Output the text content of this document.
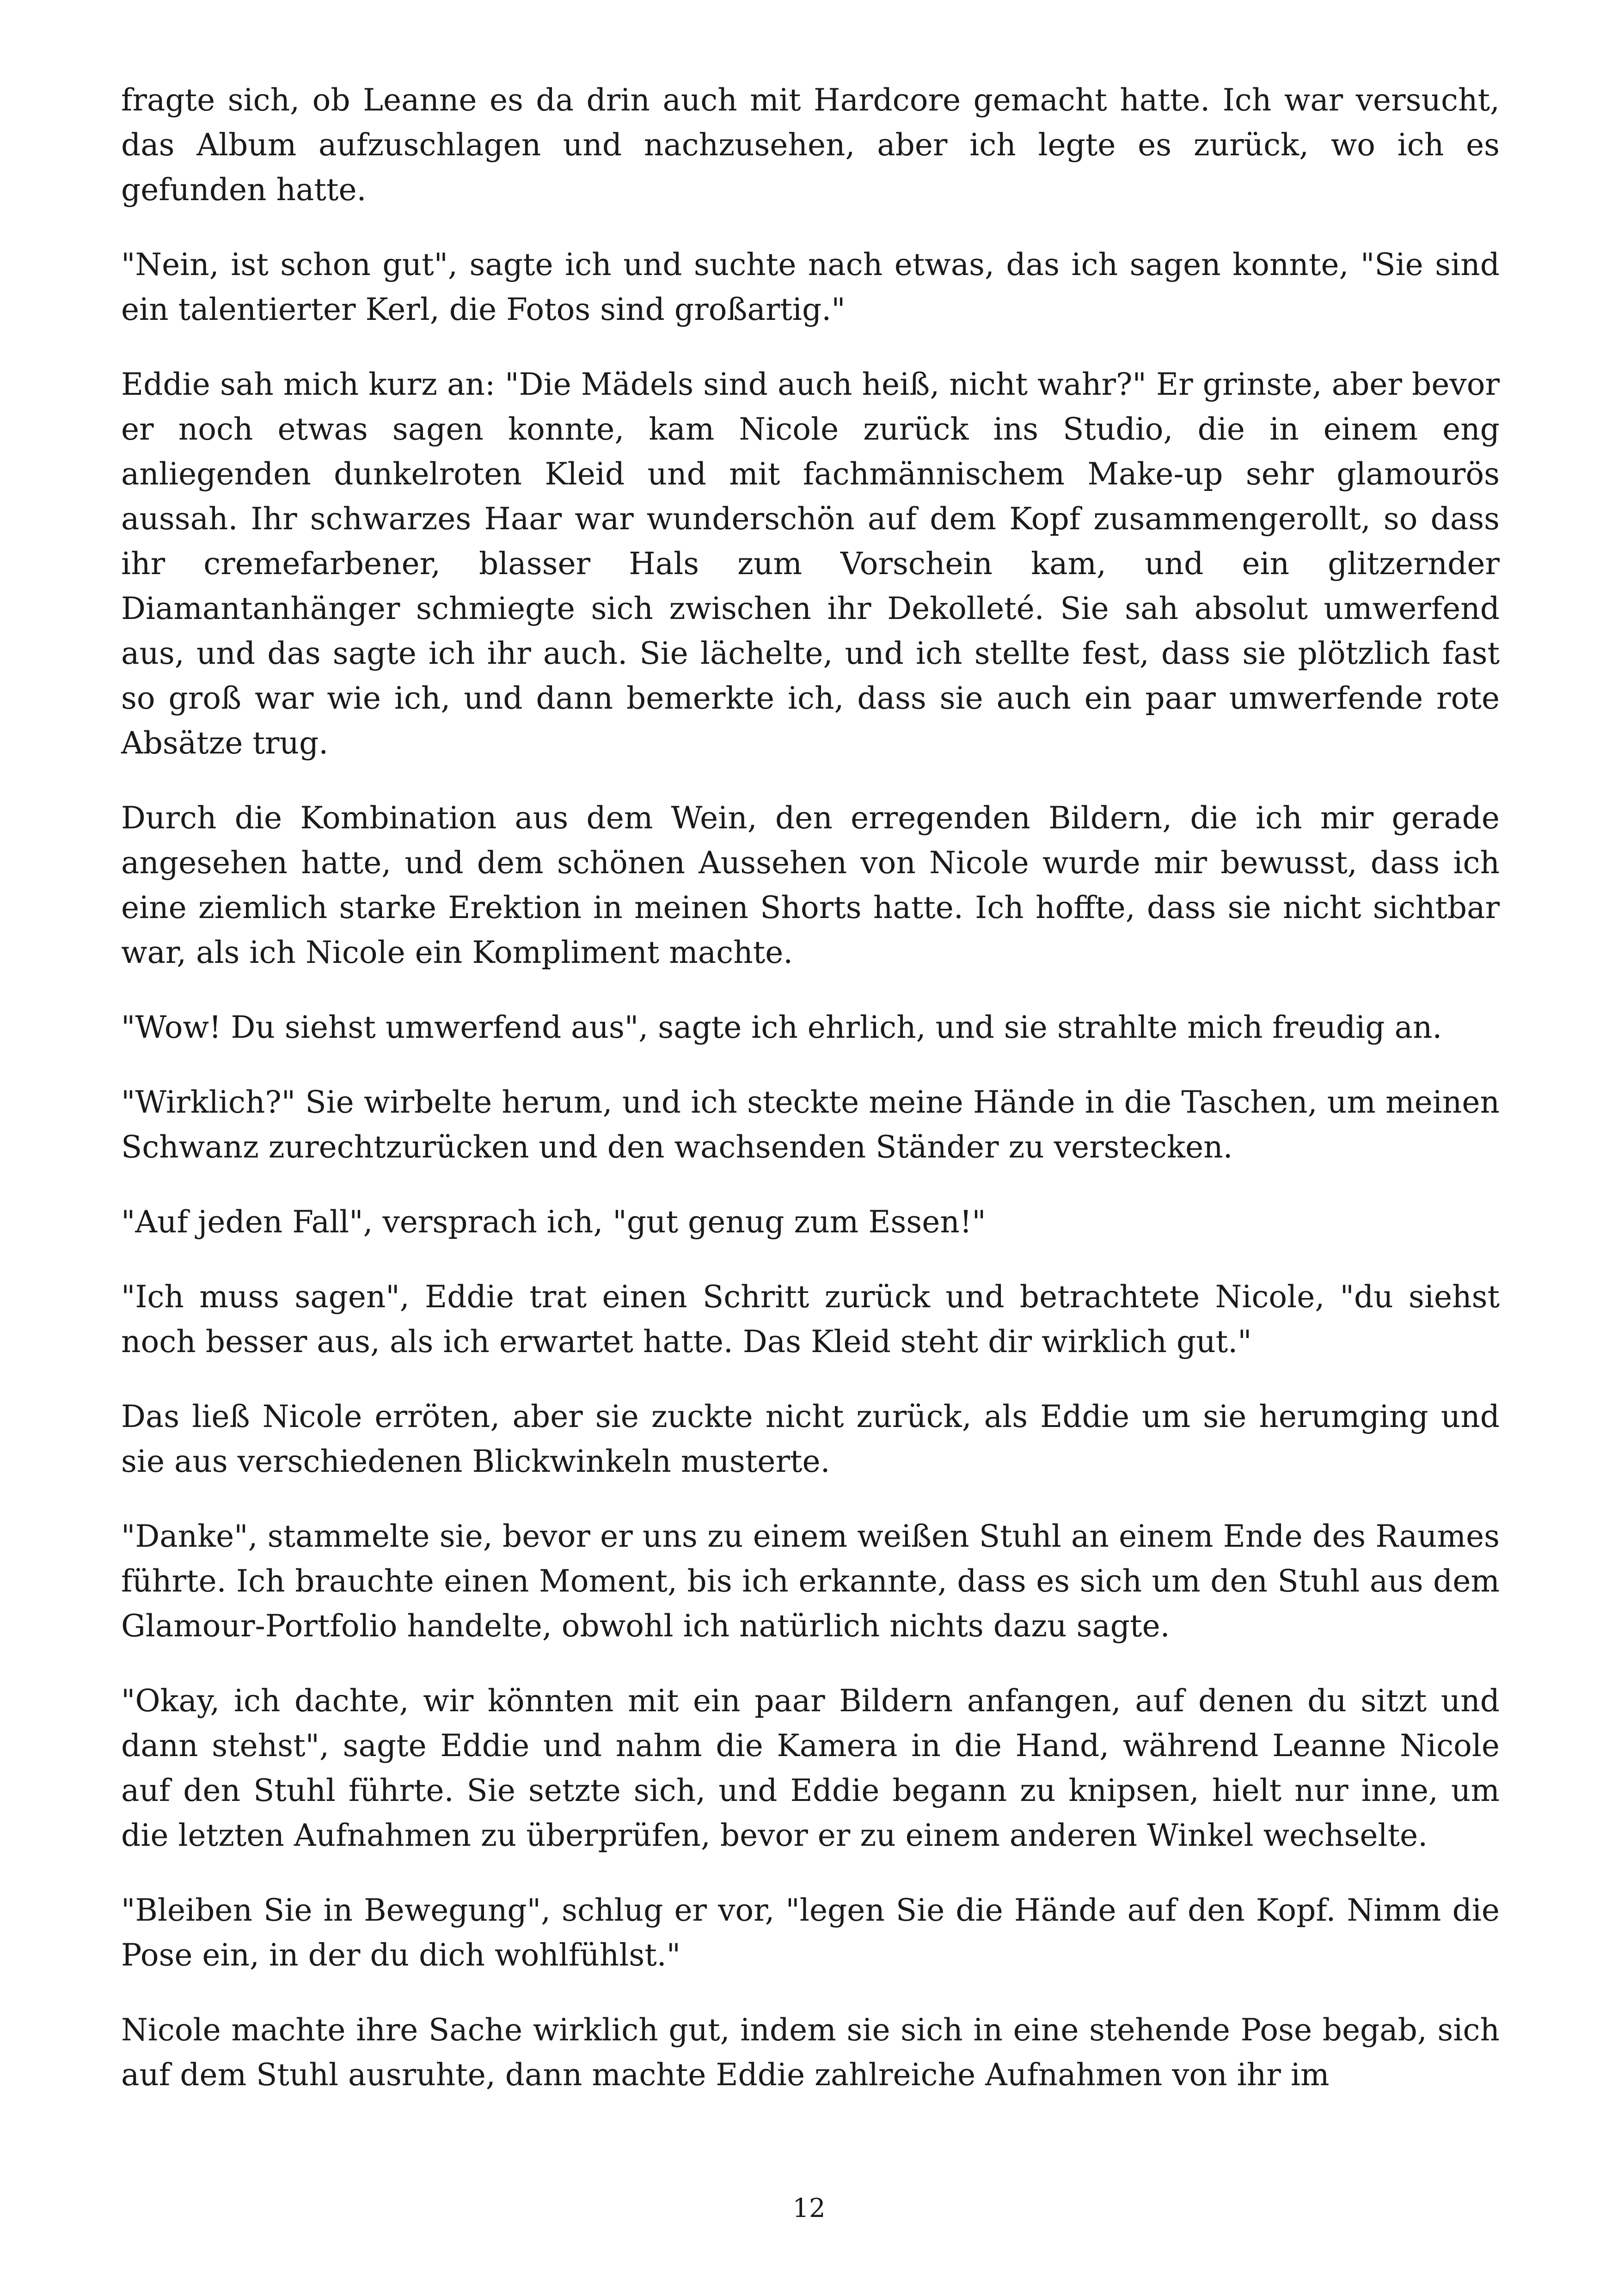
fragte sich, ob Leanne es da drin auch mit Hardcore gemacht hatte. Ich war versucht, das Album aufzuschlagen und nachzusehen, aber ich legte es zurück, wo ich es gefunden hatte.

"Nein, ist schon gut", sagte ich und suchte nach etwas, das ich sagen konnte, "Sie sind ein talentierter Kerl, die Fotos sind großartig."

Eddie sah mich kurz an: "Die Mädels sind auch heiß, nicht wahr?" Er grinste, aber bevor er noch etwas sagen konnte, kam Nicole zurück ins Studio, die in einem eng anliegenden dunkelroten Kleid und mit fachmännischem Make-up sehr glamourös aussah. Ihr schwarzes Haar war wunderschön auf dem Kopf zusammengerollt, so dass ihr cremefarbener, blasser Hals zum Vorschein kam, und ein glitzernder Diamantanhänger schmiegte sich zwischen ihr Dekolleté. Sie sah absolut umwerfend aus, und das sagte ich ihr auch. Sie lächelte, und ich stellte fest, dass sie plötzlich fast so groß war wie ich, und dann bemerkte ich, dass sie auch ein paar umwerfende rote Absätze trug.

Durch die Kombination aus dem Wein, den erregenden Bildern, die ich mir gerade angesehen hatte, und dem schönen Aussehen von Nicole wurde mir bewusst, dass ich eine ziemlich starke Erektion in meinen Shorts hatte. Ich hoffte, dass sie nicht sichtbar war, als ich Nicole ein Kompliment machte.

"Wow! Du siehst umwerfend aus", sagte ich ehrlich, und sie strahlte mich freudig an.

"Wirklich?" Sie wirbelte herum, und ich steckte meine Hände in die Taschen, um meinen Schwanz zurechtzurücken und den wachsenden Ständer zu verstecken.

"Auf jeden Fall", versprach ich, "gut genug zum Essen!"

"Ich muss sagen", Eddie trat einen Schritt zurück und betrachtete Nicole, "du siehst noch besser aus, als ich erwartet hatte. Das Kleid steht dir wirklich gut."

Das ließ Nicole erröten, aber sie zuckte nicht zurück, als Eddie um sie herumging und sie aus verschiedenen Blickwinkeln musterte.

"Danke", stammelte sie, bevor er uns zu einem weißen Stuhl an einem Ende des Raumes führte. Ich brauchte einen Moment, bis ich erkannte, dass es sich um den Stuhl aus dem Glamour-Portfolio handelte, obwohl ich natürlich nichts dazu sagte.

"Okay, ich dachte, wir könnten mit ein paar Bildern anfangen, auf denen du sitzt und dann stehst", sagte Eddie und nahm die Kamera in die Hand, während Leanne Nicole auf den Stuhl führte. Sie setzte sich, und Eddie begann zu knipsen, hielt nur inne, um die letzten Aufnahmen zu überprüfen, bevor er zu einem anderen Winkel wechselte.

"Bleiben Sie in Bewegung", schlug er vor, "legen Sie die Hände auf den Kopf. Nimm die Pose ein, in der du dich wohlfühlst."

Nicole machte ihre Sache wirklich gut, indem sie sich in eine stehende Pose begab, sich auf dem Stuhl ausruhte, dann machte Eddie zahlreiche Aufnahmen von ihr im

12
